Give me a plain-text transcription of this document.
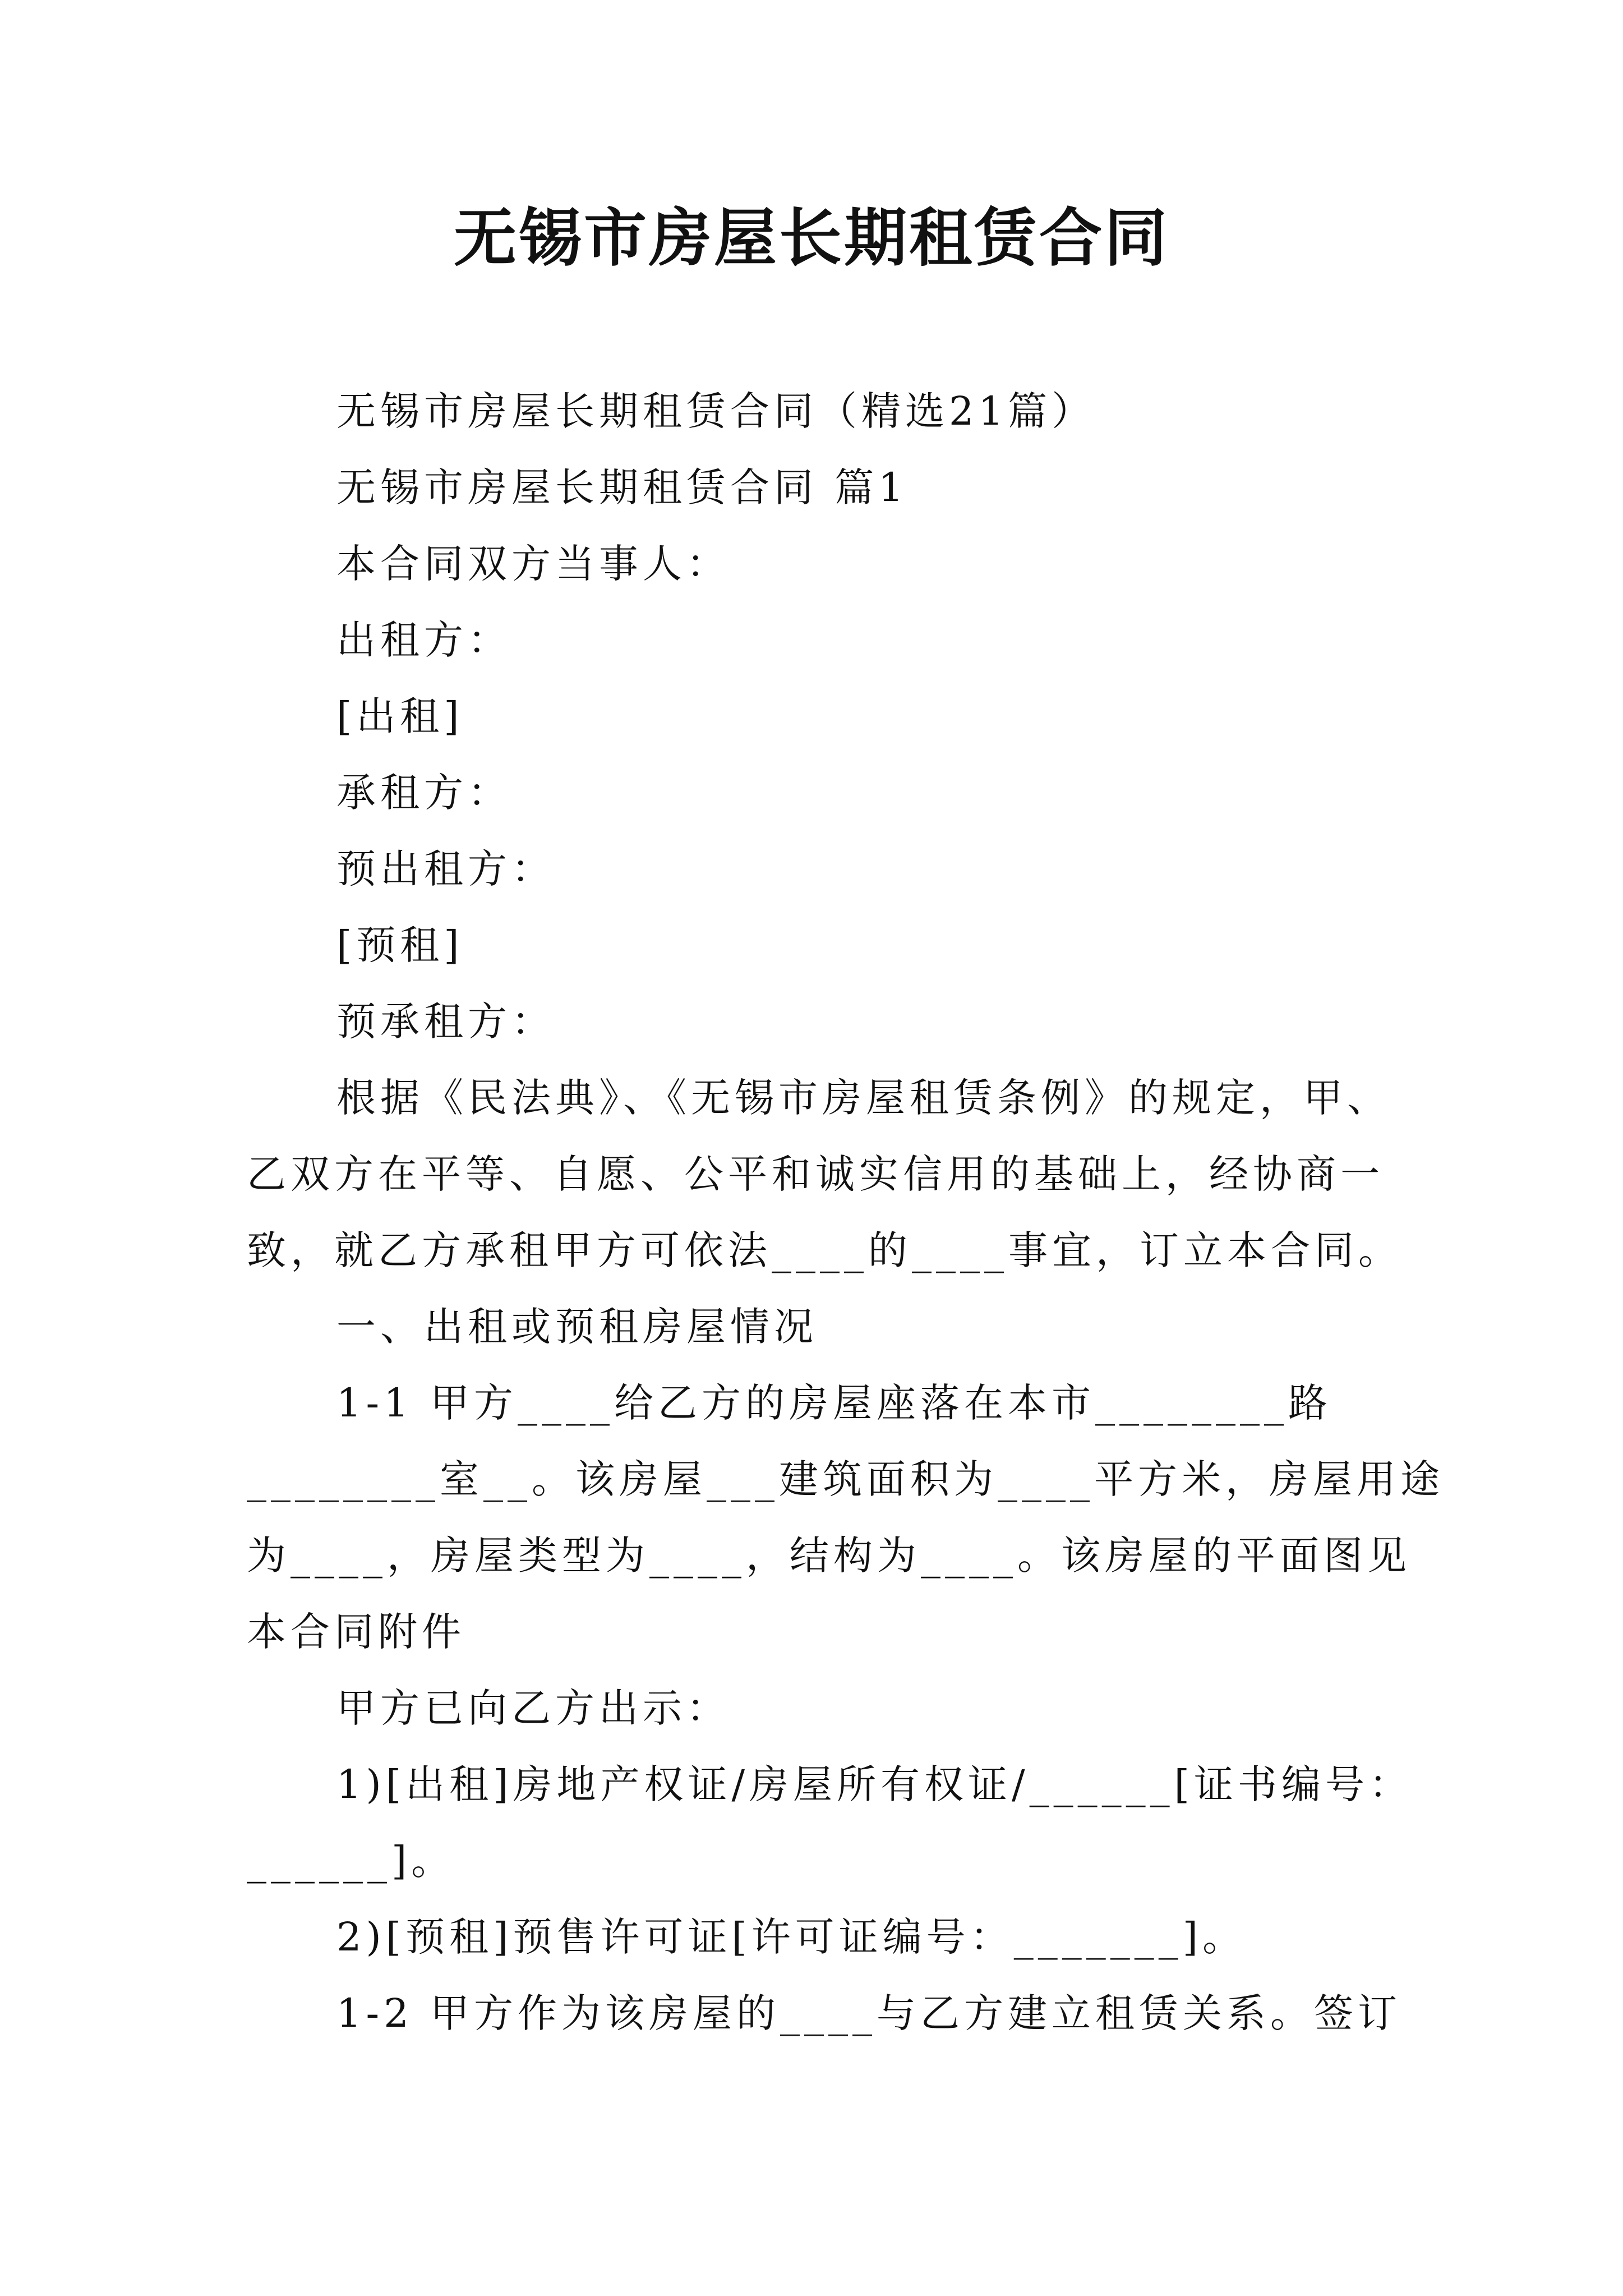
无锡市房屋长期租赁合同

无锡市房屋长期租赁合同（精选21篇）

无锡市房屋长期租赁合同 篇1

本合同双方当事人：

出租方：

[出租]

承租方：

预出租方：

[预租]

预承租方：

根据《民法典》、《无锡市房屋租赁条例》的规定，甲、

乙双方在平等、自愿、公平和诚实信用的基础上，经协商一

致，就乙方承租甲方可依法____的____事宜，订立本合同。

一、出租或预租房屋情况

1-1 甲方____给乙方的房屋座落在本市________路

________室__。该房屋___建筑面积为____平方米，房屋用途

为____，房屋类型为____，结构为____。该房屋的平面图见

本合同附件

甲方已向乙方出示：

1)[出租]房地产权证/房屋所有权证/______[证书编号：

______]。

2)[预租]预售许可证[许可证编号：_______]。

1-2 甲方作为该房屋的____与乙方建立租赁关系。签订
